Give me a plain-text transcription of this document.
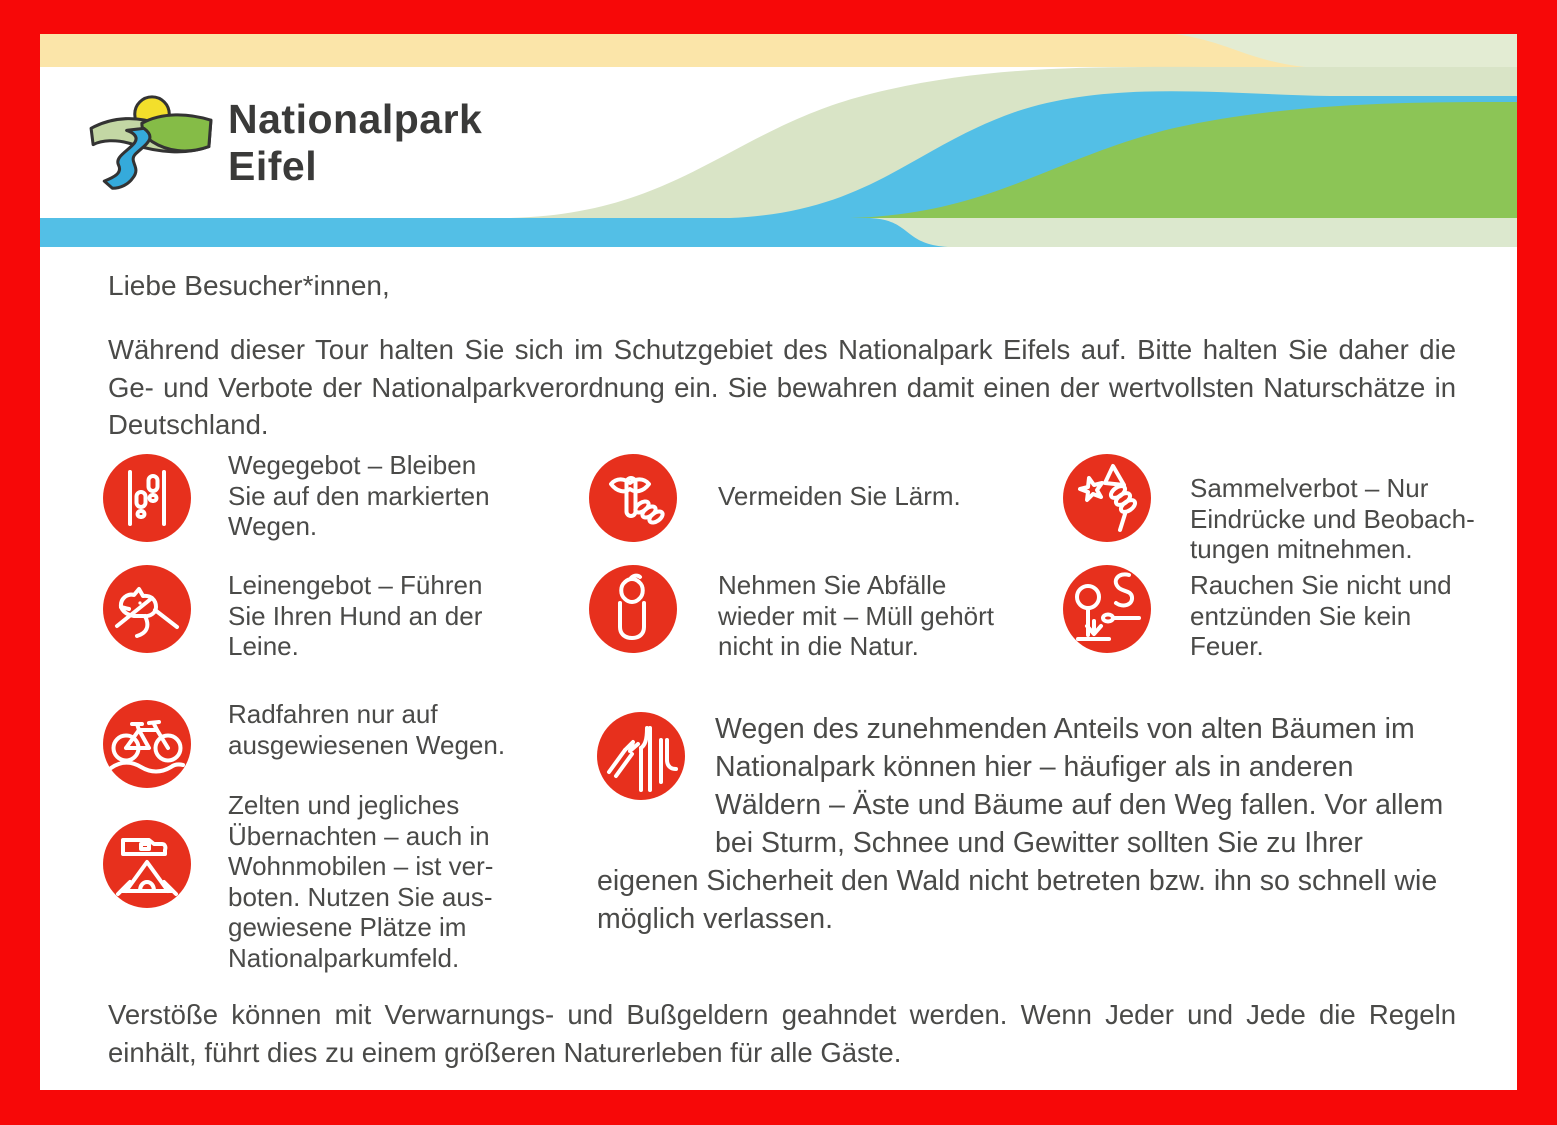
Nationalpark
Eifel
Liebe Besucher*innen,
Während dieser Tour halten Sie sich im Schutzgebiet des Nationalpark Eifels auf. Bitte halten Sie daher die Ge- und Verbote der Nationalparkverordnung ein. Sie bewahren damit einen der wertvollsten Naturschätze in Deutschland.
Wegegebot – Bleiben Sie auf den markierten Wegen.
Leinengebot – Führen Sie Ihren Hund an der Leine.
Radfahren nur auf ausgewiesenen Wegen.
Zelten und jegliches Übernachten – auch in Wohnmobilen – ist verboten. Nutzen Sie ausgewiesene Plätze im Nationalparkumfeld.
Vermeiden Sie Lärm.
Nehmen Sie Abfälle wieder mit – Müll gehört nicht in die Natur.
Sammelverbot – Nur Eindrücke und Beobachtungen mitnehmen.
Rauchen Sie nicht und entzünden Sie kein Feuer.
Wegen des zunehmenden Anteils von alten Bäumen im Nationalpark können hier – häufiger als in anderen Wäldern – Äste und Bäume auf den Weg fallen. Vor allem bei Sturm, Schnee und Gewitter sollten Sie zu Ihrer eigenen Sicherheit den Wald nicht betreten bzw. ihn so schnell wie möglich verlassen.
Verstöße können mit Verwarnungs- und Bußgeldern geahndet werden. Wenn Jeder und Jede die Regeln einhält, führt dies zu einem größeren Naturerleben für alle Gäste.
